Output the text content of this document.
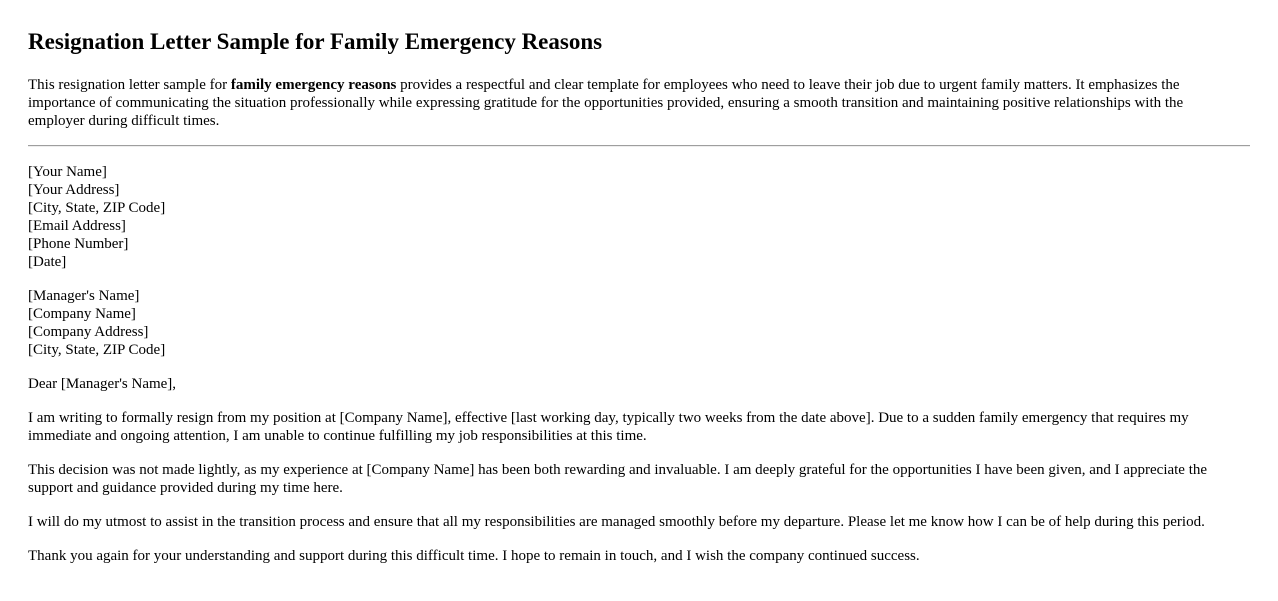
Resignation Letter Sample for Family Emergency Reasons

This resignation letter sample for family emergency reasons provides a respectful and clear template for employees who need to leave their job due to urgent family matters. It emphasizes the importance of communicating the situation professionally while expressing gratitude for the opportunities provided, ensuring a smooth transition and maintaining positive relationships with the employer during difficult times.

[Your Name]
[Your Address]
[City, State, ZIP Code]
[Email Address]
[Phone Number]
[Date]
[Manager's Name]
[Company Name]
[Company Address]
[City, State, ZIP Code]
Dear [Manager's Name],

I am writing to formally resign from my position at [Company Name], effective [last working day, typically two weeks from the date above]. Due to a sudden family emergency that requires my immediate and ongoing attention, I am unable to continue fulfilling my job responsibilities at this time.

This decision was not made lightly, as my experience at [Company Name] has been both rewarding and invaluable. I am deeply grateful for the opportunities I have been given, and I appreciate the support and guidance provided during my time here.

I will do my utmost to assist in the transition process and ensure that all my responsibilities are managed smoothly before my departure. Please let me know how I can be of help during this period.

Thank you again for your understanding and support during this difficult time. I hope to remain in touch, and I wish the company continued success.
